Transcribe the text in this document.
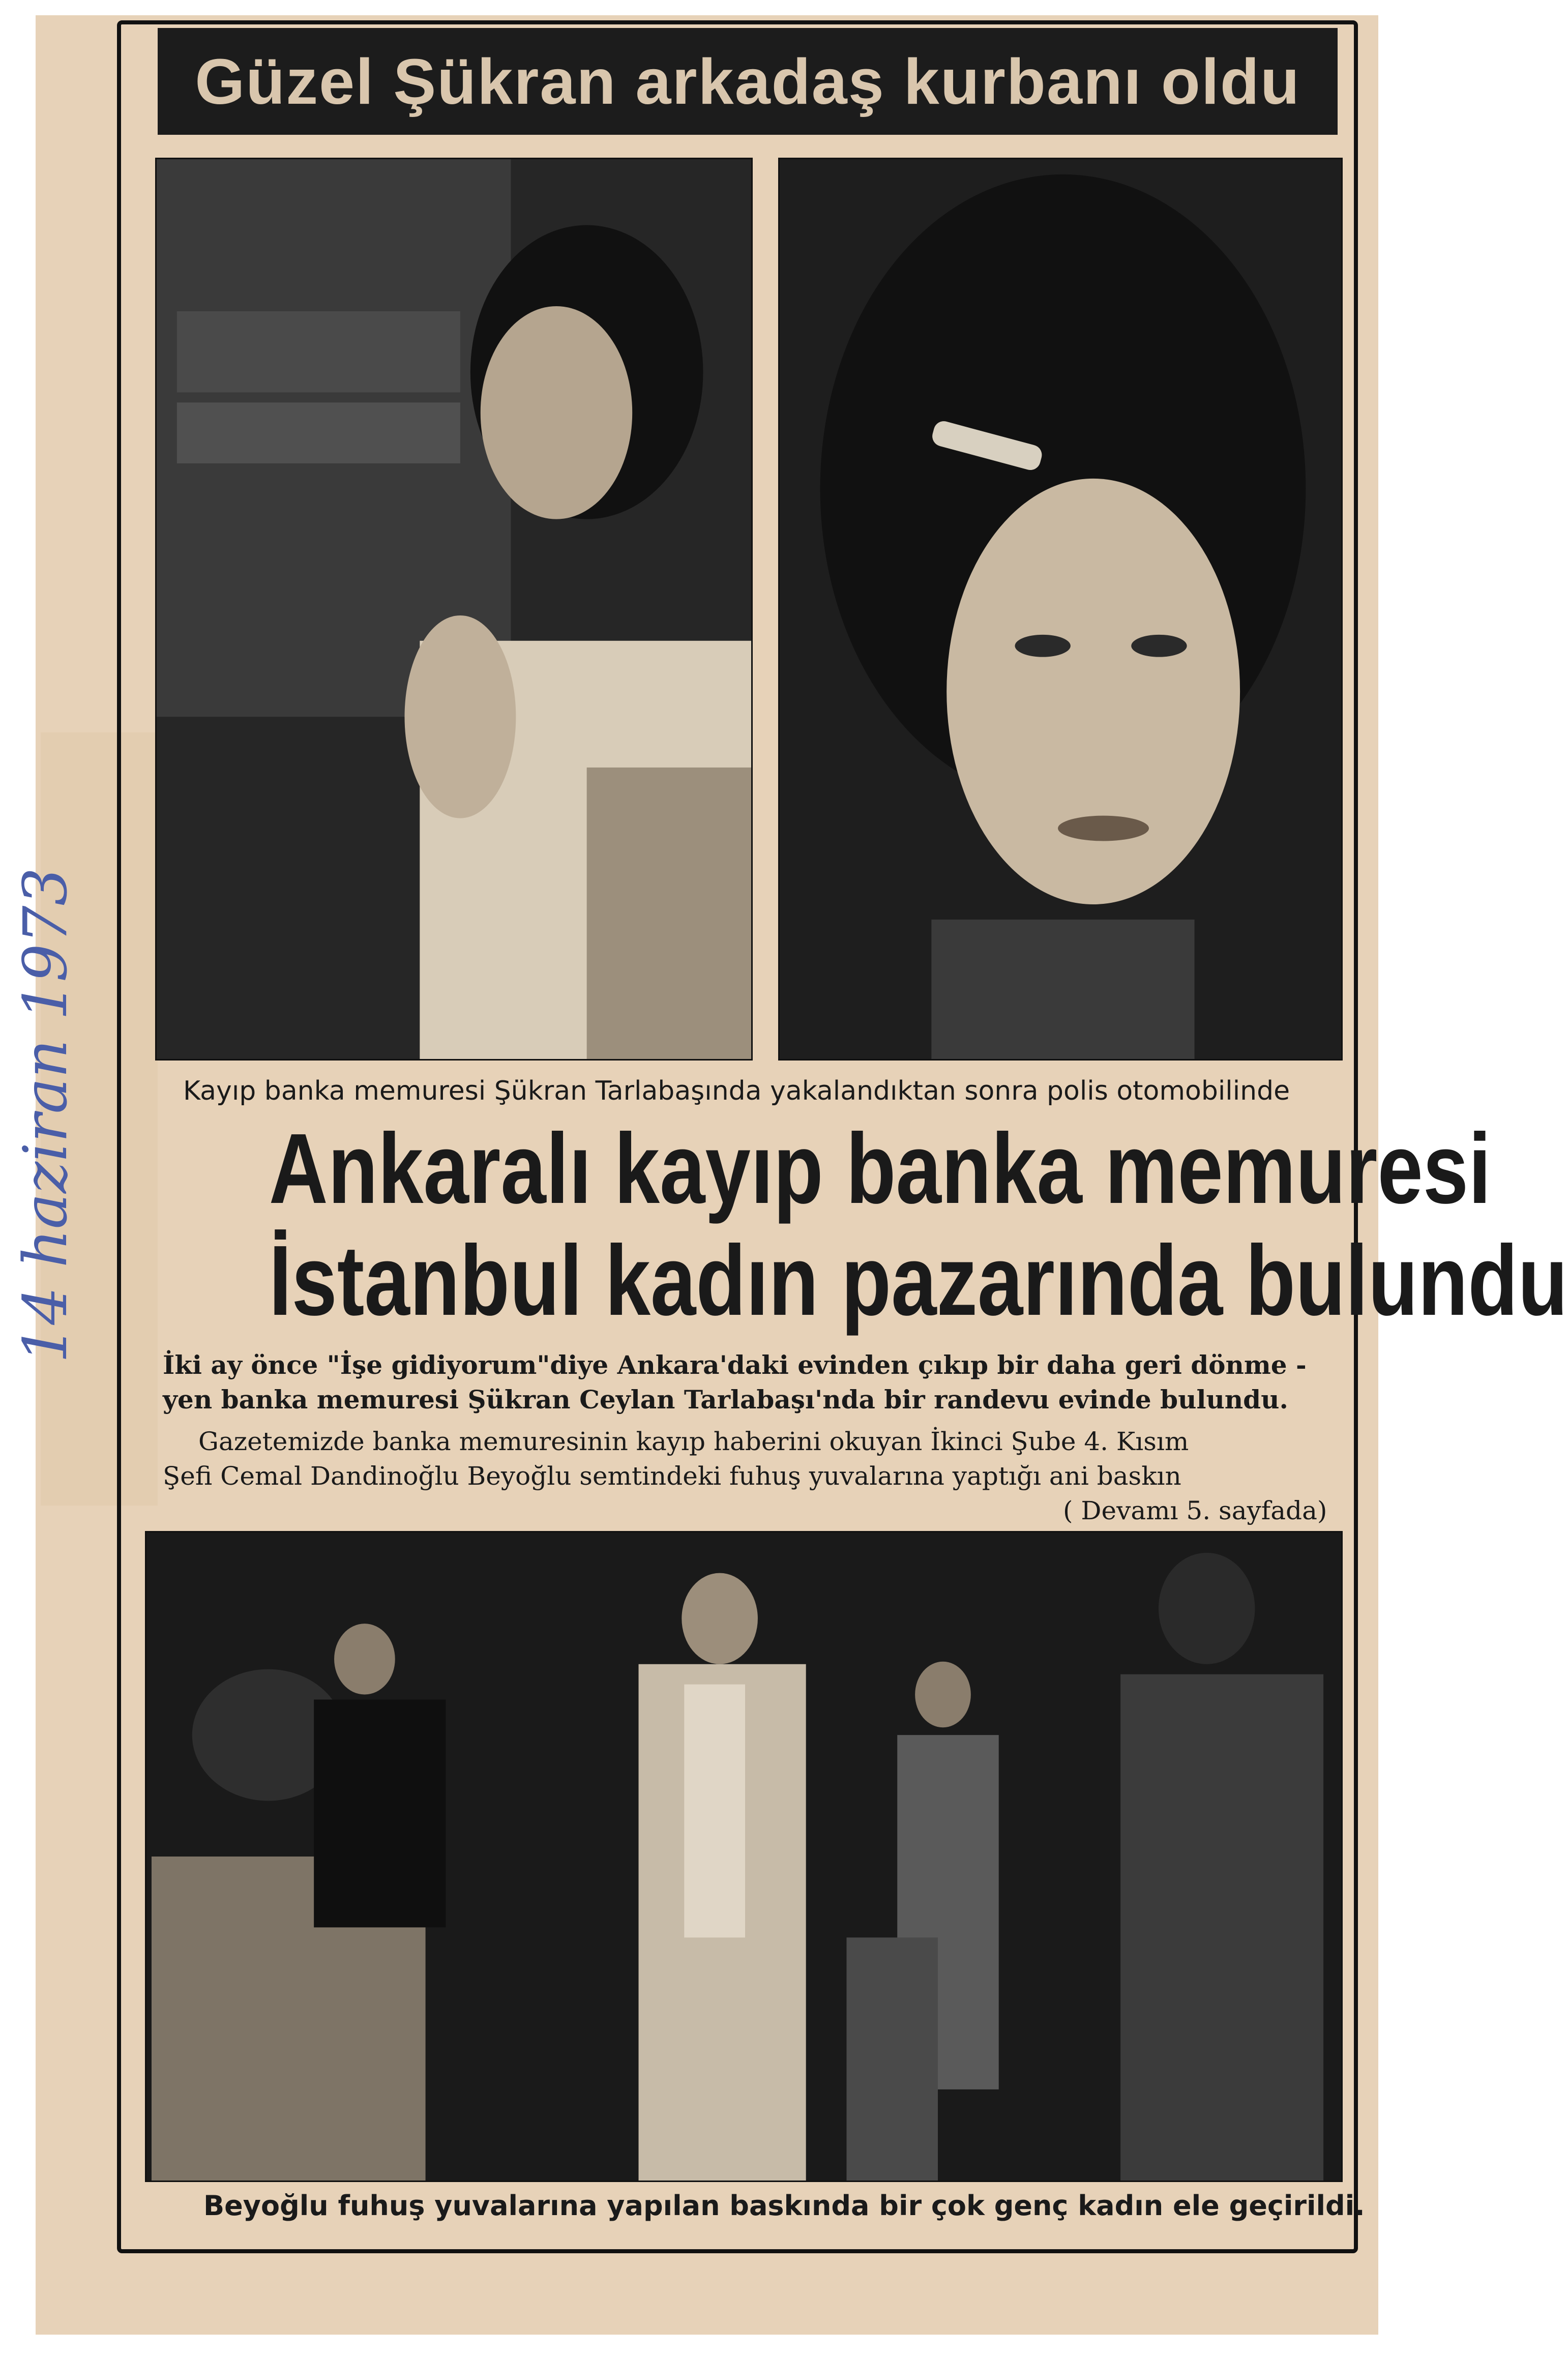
14 haziran 1973
Güzel Şükran arkadaş kurbanı oldu
Kayıp banka memuresi Şükran Tarlabaşında yakalandıktan sonra polis otomobilinde
Ankaralı kayıp banka memuresi
İstanbul kadın pazarında bulundu
İki ay önce "İşe gidiyorum"diye Ankara'daki evinden çıkıp bir daha geri dönme -
yen banka memuresi Şükran Ceylan Tarlabaşı'nda bir randevu evinde bulundu.
Gazetemizde banka memuresinin kayıp haberini okuyan İkinci Şube 4. Kısım
Şefi Cemal Dandinoğlu Beyoğlu semtindeki fuhuş yuvalarına yaptığı ani baskın
( Devamı 5. sayfada)
Beyoğlu fuhuş yuvalarına yapılan baskında bir çok genç kadın ele geçirildi.
